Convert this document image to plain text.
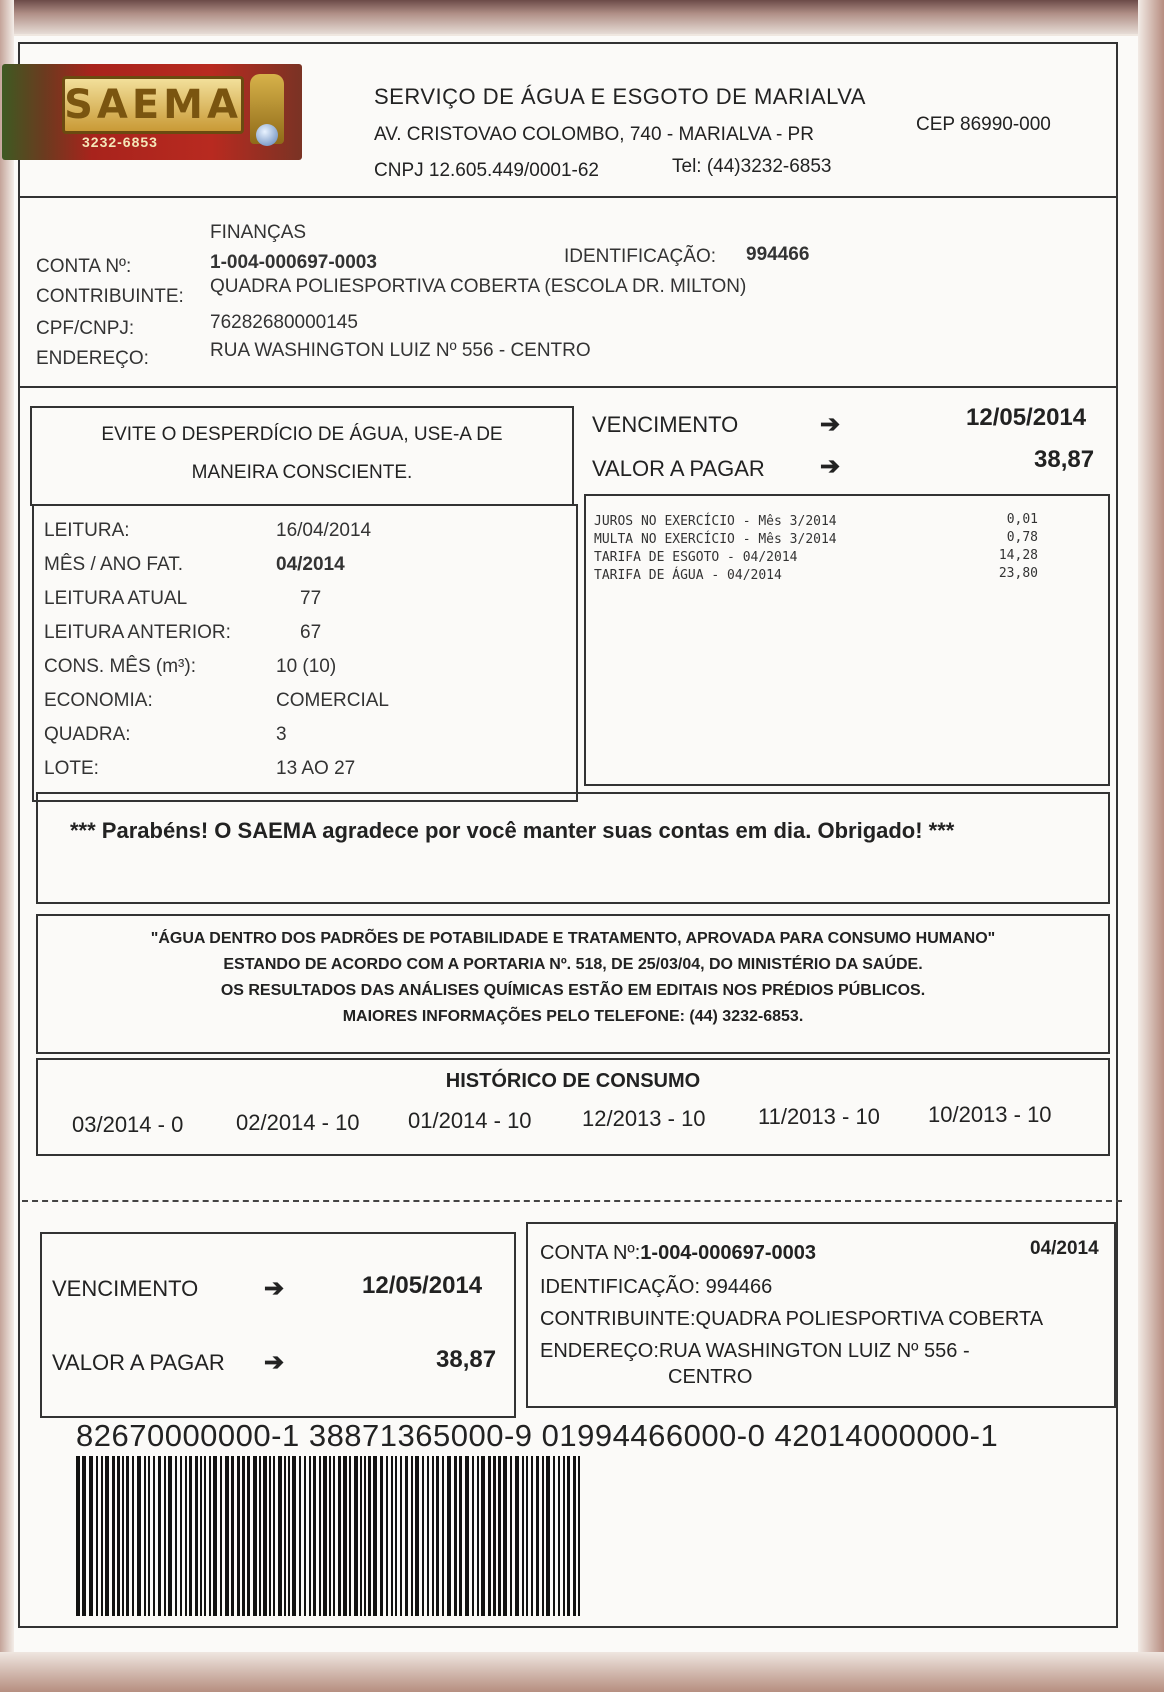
SAEMA
3232-6853
SERVIÇO DE ÁGUA E ESGOTO DE MARIALVA
AV. CRISTOVAO COLOMBO, 740 - MARIALVA - PR	CEP 86990-000
CNPJ 12.605.449/0001-62	Tel: (44)3232-6853
FINANÇAS
CONTA Nº:	1-004-000697-0003	IDENTIFICAÇÃO: 994466
CONTRIBUINTE: QUADRA POLIESPORTIVA COBERTA (ESCOLA DR. MILTON)
CPF/CNPJ:	76282680000145
ENDEREÇO:	RUA WASHINGTON LUIZ Nº 556 - CENTRO
EVITE O DESPERDÍCIO DE ÁGUA, USE-A DE
MANEIRA CONSCIENTE.
VENCIMENTO	➔	12/05/2014
VALOR A PAGAR ➔	38,87
LEITURA:	16/04/2014
MÊS / ANO FAT.	04/2014
LEITURA ATUAL	77
LEITURA ANTERIOR:	67
CONS. MÊS (m³):	10 (10)
ECONOMIA:	COMERCIAL
QUADRA:	3
LOTE:	13 AO 27
JUROS NO EXERCÍCIO - Mês 3/2014	0,01
MULTA NO EXERCÍCIO - Mês 3/2014	0,78
TARIFA DE ESGOTO - 04/2014	14,28
TARIFA DE ÁGUA - 04/2014	23,80
*** Parabéns! O SAEMA agradece por você manter suas contas em dia. Obrigado! ***
"ÁGUA DENTRO DOS PADRÕES DE POTABILIDADE E TRATAMENTO, APROVADA PARA CONSUMO HUMANO"
ESTANDO DE ACORDO COM A PORTARIA Nº. 518, DE 25/03/04, DO MINISTÉRIO DA SAÚDE.
OS RESULTADOS DAS ANÁLISES QUÍMICAS ESTÃO EM EDITAIS NOS PRÉDIOS PÚBLICOS.
MAIORES INFORMAÇÕES PELO TELEFONE: (44) 3232-6853.
HISTÓRICO DE CONSUMO
03/2014 - 0 02/2014 - 10 01/2014 - 10 12/2013 - 10 11/2013 - 10 10/2013 - 10
VENCIMENTO	➔	12/05/2014
VALOR A PAGAR ➔	38,87
CONTA Nº:1-004-000697-0003	04/2014
IDENTIFICAÇÃO: 994466
CONTRIBUINTE:QUADRA POLIESPORTIVA COBERTA
ENDEREÇO:RUA WASHINGTON LUIZ Nº 556 -
CENTRO
82670000000-1 38871365000-9 01994466000-0 42014000000-1
